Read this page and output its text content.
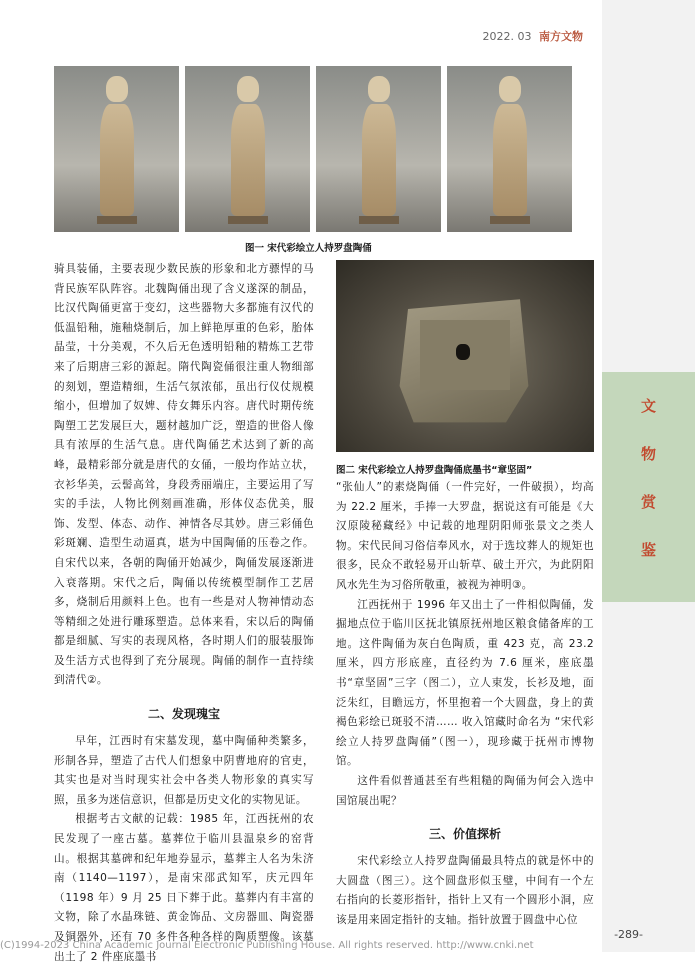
2022. 03 南方文物
图一 宋代彩绘立人持罗盘陶俑

骑具装俑，主要表现少数民族的形象和北方骠悍的马背民族军队阵容。北魏陶俑出现了含义遂深的制品，比汉代陶俑更富于变幻，这些器物大多都施有汉代的低温铅釉，施釉烧制后，加上鲜艳厚重的色彩，胎体晶莹，十分美观，不久后无色透明铅釉的精炼工艺带来了后期唐三彩的源起。隋代陶瓷俑很注重人物细部的刻划，塑造精细，生活气氛浓郁，虽出行仪仗规模缩小，但增加了奴婢、侍女舞乐内容。唐代时期传统陶塑工艺发展巨大，题材越加广泛，塑造的世俗人像具有浓厚的生活气息。唐代陶俑艺术达到了新的高峰，最精彩部分就是唐代的女俑，一般均作站立状，衣衫华美，云髻高耸，身段秀丽端庄，主要运用了写实的手法，人物比例刻画准确，形体仪态优美，服饰、发型、体态、动作、神情各尽其妙。唐三彩俑色彩斑斓、造型生动逼真，堪为中国陶俑的压卷之作。自宋代以来，各朝的陶俑开始减少，陶俑发展逐渐进入衰落期。宋代之后，陶俑以传统模型制作工艺居多，烧制后用颜料上色。也有一些是对人物神情动态等精细之处进行雕琢塑造。总体来看，宋以后的陶俑都是细腻、写实的表现风格，各时期人们的服装服饰及生活方式也得到了充分展现。陶俑的制作一直持续到清代②。

二、发现瑰宝

早年，江西时有宋墓发现，墓中陶俑种类繁多，形制各异，塑造了古代人们想象中阴曹地府的官吏，其实也是对当时现实社会中各类人物形象的真实写照，虽多为迷信意识，但都是历史文化的实物见证。

根据考古文献的记载：1985 年，江西抚州的农民发现了一座古墓。墓葬位于临川县温泉乡的窑背山。根据其墓碑和纪年地券显示，墓葬主人名为朱济南（1140—1197），是南宋邵武知军，庆元四年（1198 年）9 月 25 日下葬于此。墓葬内有丰富的文物，除了水晶珠链、黄金饰品、文房器皿、陶瓷器及铜器外，还有 70 多件各种各样的陶质塑像。该墓出土了 2 件座底墨书

图二 宋代彩绘立人持罗盘陶俑底墨书“章坚固”

“张仙人”的素烧陶俑（一件完好，一件破损），均高为 22.2 厘米，手捧一大罗盘，据说这有可能是《大汉原陵秘藏经》中记载的地理阴阳师张景文之类人物。宋代民间习俗信奉风水，对于选坟葬人的规矩也很多，民众不敢轻易开山斩草、破土开穴，为此阴阳风水先生为习俗所敬重，被视为神明③。

江西抚州于 1996 年又出土了一件相似陶俑，发掘地点位于临川区抚北镇原抚州地区粮食储备库的工地。这件陶俑为灰白色陶质，重 423 克，高 23.2 厘米，四方形底座，直径约为 7.6 厘米，座底墨书“章坚固”三字（图二），立人束发，长衫及地，面泛朱红，目瞻远方，怀里抱着一个大圆盘，身上的黄褐色彩绘已斑驳不清…… 收入馆藏时命名为 “宋代彩绘立人持罗盘陶俑”（图一），现珍藏于抚州市博物馆。

这件看似普通甚至有些粗糙的陶俑为何会入选中国馆展出呢？

三、价值探析

宋代彩绘立人持罗盘陶俑最具特点的就是怀中的大圆盘（图三）。这个圆盘形似玉璧，中间有一个左右指向的长菱形指针，指针上又有一个圆形小洞，应该是用来固定指针的支轴。指针放置于圆盘中心位

文
物
赏
鉴
-289-
(C)1994-2023 China Academic Journal Electronic Publishing House. All rights reserved. http://www.cnki.net
